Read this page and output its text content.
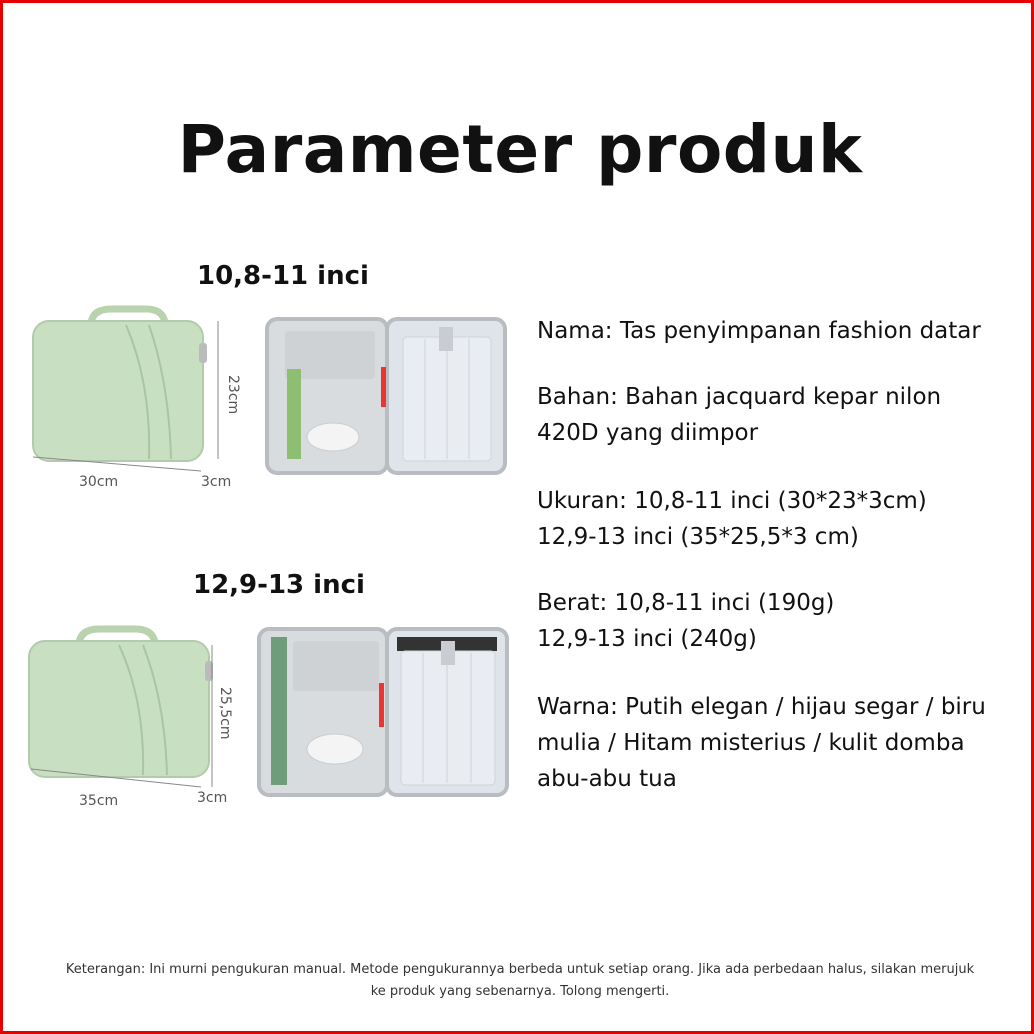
Parameter produk
10,8-11 inci
23cm
30cm	3cm
12,9-13 inci
25,5cm
35cm	3cm
Nama: Tas penyimpanan fashion datar
Bahan: Bahan jacquard kepar nilon
420D yang diimpor
Ukuran: 10,8-11 inci (30*23*3cm)
12,9-13 inci (35*25,5*3 cm)
Berat: 10,8-11 inci (190g)
12,9-13 inci (240g)
Warna: Putih elegan / hijau segar / biru
mulia / Hitam misterius / kulit domba
abu-abu tua
Keterangan: Ini murni pengukuran manual. Metode pengukurannya berbeda untuk setiap orang. Jika ada perbedaan halus, silakan merujuk
ke produk yang sebenarnya. Tolong mengerti.
